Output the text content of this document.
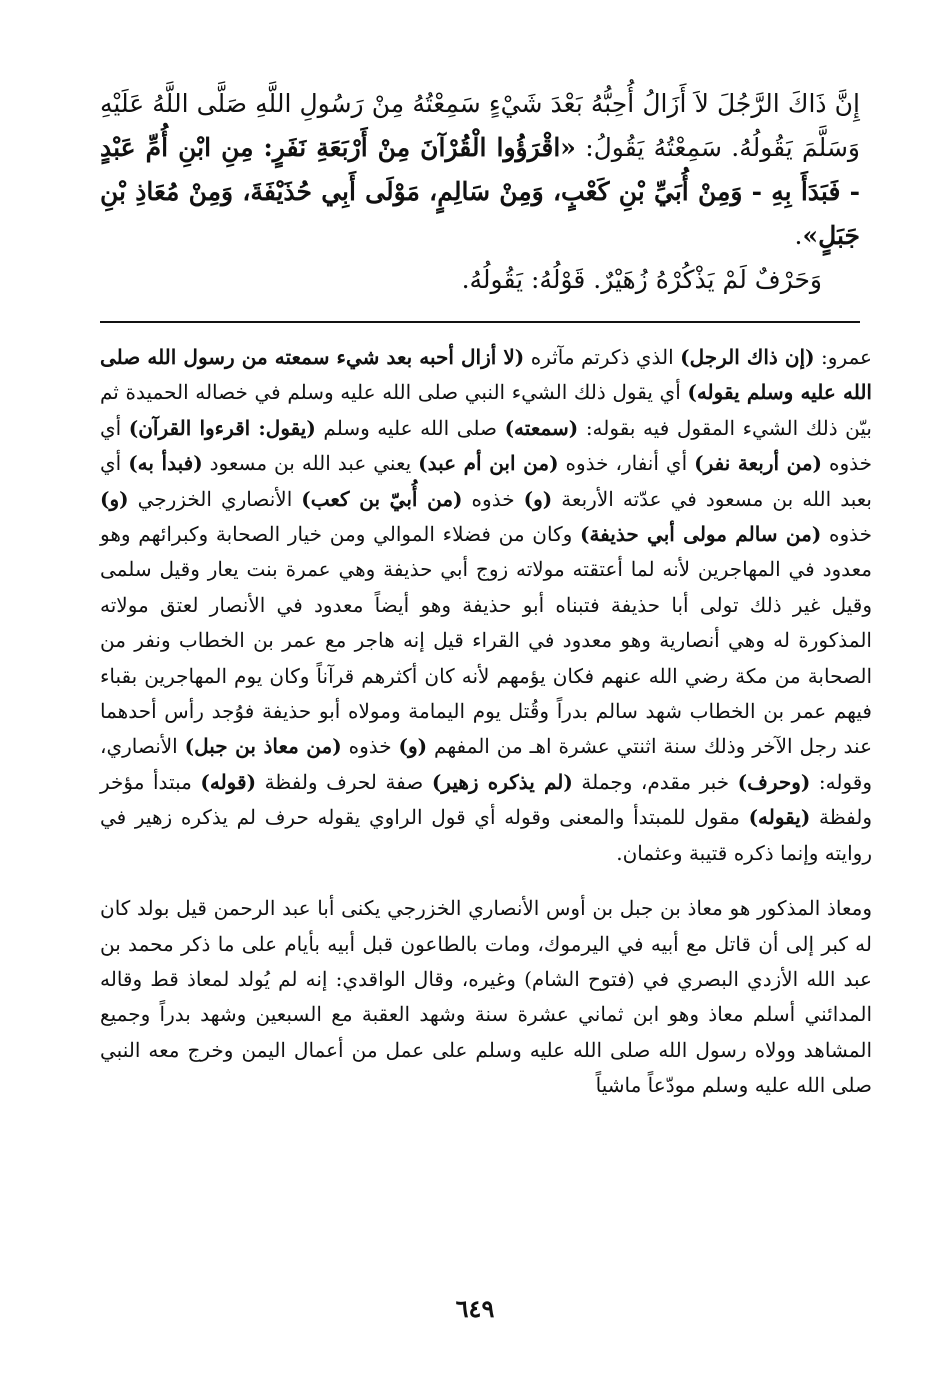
إِنَّ ذَاكَ الرَّجُلَ لاَ أَزَالُ أُحِبُّهُ بَعْدَ شَيْءٍ سَمِعْتُهُ مِنْ رَسُولِ اللَّهِ صَلَّى اللَّهُ عَلَيْهِ وَسَلَّمَ يَقُولُهُ. سَمِعْتُهُ يَقُولُ: «اقْرَؤُوا الْقُرْآنَ مِنْ أَرْبَعَةِ نَفَرٍ: مِنِ ابْنِ أُمِّ عَبْدٍ - فَبَدَأَ بِهِ - وَمِنْ أُبَيِّ بْنِ كَعْبٍ، وَمِنْ سَالِمٍ، مَوْلَى أَبِي حُذَيْفَةَ، وَمِنْ مُعَاذِ بْنِ جَبَلٍ».

وَحَرْفٌ لَمْ يَذْكُرْهُ زُهَيْرٌ. قَوْلُهُ: يَقُولُهُ.

عمرو: (إن ذاك الرجل) الذي ذكرتم مآثره (لا أزال أحبه بعد شيء سمعته من رسول الله صلى الله عليه وسلم يقوله) أي يقول ذلك الشيء النبي صلى الله عليه وسلم في خصاله الحميدة ثم بيّن ذلك الشيء المقول فيه بقوله: (سمعته) صلى الله عليه وسلم (يقول: اقرءوا القرآن) أي خذوه (من أربعة نفر) أي أنفار، خذوه (من ابن أم عبد) يعني عبد الله بن مسعود (فبدأ به) أي بعبد الله بن مسعود في عدّته الأربعة (و) خذوه (من أُبيّ بن كعب) الأنصاري الخزرجي (و) خذوه (من سالم مولى أبي حذيفة) وكان من فضلاء الموالي ومن خيار الصحابة وكبرائهم وهو معدود في المهاجرين لأنه لما أعتقته مولاته زوج أبي حذيفة وهي عمرة بنت يعار وقيل سلمى وقيل غير ذلك تولى أبا حذيفة فتبناه أبو حذيفة وهو أيضاً معدود في الأنصار لعتق مولاته المذكورة له وهي أنصارية وهو معدود في القراء قيل إنه هاجر مع عمر بن الخطاب ونفر من الصحابة من مكة رضي الله عنهم فكان يؤمهم لأنه كان أكثرهم قرآناً وكان يوم المهاجرين بقباء فيهم عمر بن الخطاب شهد سالم بدراً وقُتل يوم اليمامة ومولاه أبو حذيفة فوُجد رأس أحدهما عند رجل الآخر وذلك سنة اثنتي عشرة اهـ من المفهم (و) خذوه (من معاذ بن جبل) الأنصاري، وقوله: (وحرف) خبر مقدم، وجملة (لم يذكره زهير) صفة لحرف ولفظة (قوله) مبتدأ مؤخر ولفظة (يقوله) مقول للمبتدأ والمعنى وقوله أي قول الراوي يقوله حرف لم يذكره زهير في روايته وإنما ذكره قتيبة وعثمان.

ومعاذ المذكور هو معاذ بن جبل بن أوس الأنصاري الخزرجي يكنى أبا عبد الرحمن قيل بولد كان له كبر إلى أن قاتل مع أبيه في اليرموك، ومات بالطاعون قبل أبيه بأيام على ما ذكر محمد بن عبد الله الأزدي البصري في (فتوح الشام) وغيره، وقال الواقدي: إنه لم يُولد لمعاذ قط وقاله المدائني أسلم معاذ وهو ابن ثماني عشرة سنة وشهد العقبة مع السبعين وشهد بدراً وجميع المشاهد وولاه رسول الله صلى الله عليه وسلم على عمل من أعمال اليمن وخرج معه النبي صلى الله عليه وسلم مودّعاً ماشياً

٦٤٩
